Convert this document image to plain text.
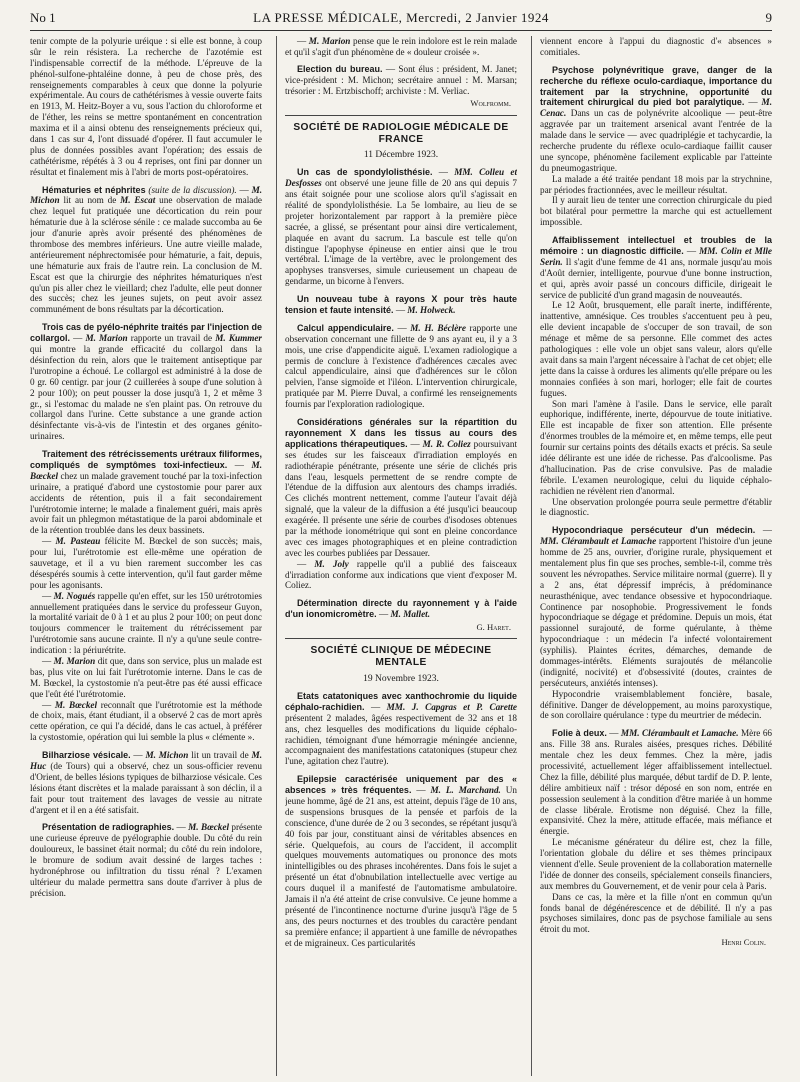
No 1	LA PRESSE MÉDICALE, Mercredi, 2 Janvier 1924	9

tenir compte de la polyurie uréique : si elle est bonne, à coup sûr le rein résistera. La recherche de l'azotémie est l'indispensable correctif de la méthode. L'épreuve de la phénol-sulfone-phtaléine donne, à peu de chose près, des renseignements comparables à ceux que donne la polyurie expérimentale. Au cours de cathétérismes à vessie ouverte faits en 1913, M. Heitz-Boyer a vu, sous l'action du chloroforme et de l'éther, les reins se mettre spontanément en concentration maxima et il a ainsi obtenu des renseignements précieux qui, dans 1 cas sur 4, l'ont dissuadé d'opérer. Il faut accumuler le plus de données possibles avant l'opération; des essais de cathétérisme, répétés à 3 ou 4 reprises, ont fini par donner un résultat et finalement mis à l'abri de morts post-opératoires.

Hématuries et néphrites (suite de la discussion). — M. Michon lit au nom de M. Escat une observation de malade chez lequel fut pratiquée une décortication du rein pour hématurie due à la sclérose sénile : ce malade succomba au 6e jour d'anurie après avoir présenté des phénomènes de thrombose des membres inférieurs. Une autre vieille malade, antérieurement néphrectomisée pour hématurie, a fait, depuis, une hématurie aux frais de l'autre rein. La conclusion de M. Escat est que la chirurgie des néphrites hématuriques n'est qu'un pis aller chez le vieillard; chez l'adulte, elle peut donner des succès; chez les jeunes sujets, on peut avoir assez communément de bons résultats par la décortication.

Trois cas de pyélo-néphrite traités par l'injection de collargol. — M. Marion rapporte un travail de M. Kummer qui montre la grande efficacité du collargol dans la désinfection du rein, alors que le traitement antiseptique par l'urotropine a échoué. Le collargol est administré à la dose de 0 gr. 60 centigr. par jour (2 cuillerées à soupe d'une solution à 2 pour 100); on peut pousser la dose jusqu'à 1, 2 et même 3 gr., si l'estomac du malade ne s'en plaint pas. On retrouve du collargol dans l'urine. Cette substance a une grande action désinfectante vis-à-vis de l'intestin et des organes génito-urinaires.

Traitement des rétrécissements urétraux filiformes, compliqués de symptômes toxi-infectieux. — M. Bœckel chez un malade gravement touché par la toxi-infection urinaire, a pratiqué d'abord une cystostomie pour parer aux accidents de rétention, puis il a fait secondairement l'urétrotomie interne; le malade a finalement guéri, mais après avoir fait un phlegmon métastatique de la paroi abdominale et de la rétention troublée dans les deux bassinets.

— M. Pasteau félicite M. Bœckel de son succès; mais, pour lui, l'urétrotomie est elle-même une opération de sauvetage, et il a vu bien rarement succomber les cas désespérés soumis à cette intervention, qu'il faut garder même pour les agonisants.

— M. Nogués rappelle qu'en effet, sur les 150 urétrotomies annuellement pratiquées dans le service du professeur Guyon, la mortalité variait de 0 à 1 et au plus 2 pour 100; on peut donc toujours commencer le traitement du rétrécissement par l'urétrotomie sans aucune crainte. Il n'y a qu'une seule contre-indication : la périurétrite.

— M. Marion dit que, dans son service, plus un malade est bas, plus vite on lui fait l'urétrotomie interne. Dans le cas de M. Bœckel, la cystostomie n'a peut-être pas été aussi efficace que l'eût été l'urétrotomie.

— M. Bœckel reconnaît que l'urétrotomie est la méthode de choix, mais, étant étudiant, il a observé 2 cas de mort après cette opération, ce qui l'a décidé, dans le cas actuel, à préférer la cystostomie, opération qui lui semble la plus « clémente ».

Bilharziose vésicale. — M. Michon lit un travail de M. Huc (de Tours) qui a observé, chez un sous-officier revenu d'Orient, de belles lésions typiques de bilharziose vésicale. Ces lésions étant discrètes et la malade paraissant à son déclin, il a fait pour tout traitement des lavages de vessie au nitrate d'argent et il en a été satisfait.

Présentation de radiographies. — M. Bœckel présente une curieuse épreuve de pyélographie double. Du côté du rein douloureux, le bassinet était normal; du côté du rein indolore, le bromure de sodium avait dessiné de larges taches : hydronéphrose ou infiltration du tissu rénal ? L'examen ultérieur du malade permettra sans doute d'arriver à plus de précision.

— M. Marion pense que le rein indolore est le rein malade et qu'il s'agit d'un phénomène de « douleur croisée ».

Election du bureau. — Sont élus : président, M. Janet; vice-président : M. Michon; secrétaire annuel : M. Marsan; trésorier : M. Ertzbischoff; archiviste : M. Verliac.

Wolfromm.
SOCIÉTÉ DE RADIOLOGIE MÉDICALE DE FRANCE
11 Décembre 1923.

Un cas de spondylolisthésie. — MM. Colleu et Desfosses ont observé une jeune fille de 20 ans qui depuis 7 ans était soignée pour une scoliose alors qu'il s'agissait en réalité de spondylolisthésie. La 5e lombaire, au lieu de se projeter horizontalement par rapport à la première pièce sacrée, a glissé, se présentant pour ainsi dire verticalement, plaquée en avant du sacrum. La bascule est telle qu'on distingue l'apophyse épineuse en entier ainsi que le trou vertébral. L'image de la vertèbre, avec le prolongement des apophyses transverses, simule curieusement un chapeau de gendarme, un bicorne à l'envers.

Un nouveau tube à rayons X pour très haute tension et faute intensité. — M. Holweck.

Calcul appendiculaire. — M. H. Béclère rapporte une observation concernant une fillette de 9 ans ayant eu, il y a 3 mois, une crise d'appendicite aiguë. L'examen radiologique a permis de conclure à l'existence d'adhérences cæcales avec calcul appendiculaire, ainsi que d'adhérences sur le côlon pelvien, l'anse sigmoïde et l'iléon. L'intervention chirurgicale, pratiquée par M. Pierre Duval, a confirmé les renseignements fournis par l'exploration radiologique.

Considérations générales sur la répartition du rayonnement X dans les tissus au cours des applications thérapeutiques. — M. R. Coliez poursuivant ses études sur les faisceaux d'irradiation employés en radiothérapie pénétrante, présente une série de clichés pris dans l'eau, lesquels permettent de se rendre compte de l'étendue de la diffusion aux alentours des champs irradiés. Ces clichés montrent nettement, comme l'auteur l'avait déjà signalé, que la valeur de la diffusion a été jusqu'ici beaucoup exagérée. Il présente une série de courbes d'isodoses obtenues par la méthode ionométrique qui sont en pleine concordance avec ces images photographiques et en pleine contradiction avec les courbes publiées par Dessauer.

— M. Joly rappelle qu'il a publié des faisceaux d'irradiation conforme aux indications que vient d'exposer M. Coliez.

Détermination directe du rayonnement γ à l'aide d'un ionomicromètre. — M. Mallet.

G. Haret.
SOCIÉTÉ CLINIQUE DE MÉDECINE MENTALE
19 Novembre 1923.

Etats catatoniques avec xanthochromie du liquide céphalo-rachidien. — MM. J. Capgras et P. Carette présentent 2 malades, âgées respectivement de 32 ans et 18 ans, chez lesquelles des modifications du liquide céphalo-rachidien, témoignant d'une hémorragie méningée ancienne, accompagnaient des manifestations catatoniques (stupeur chez l'une, agitation chez l'autre).

Epilepsie caractérisée uniquement par des « absences » très fréquentes. — M. L. Marchand. Un jeune homme, âgé de 21 ans, est atteint, depuis l'âge de 10 ans, de suspensions brusques de la pensée et parfois de la conscience, d'une durée de 2 ou 3 secondes, se répétant jusqu'à 40 fois par jour, constituant ainsi de véritables absences en série. Quelquefois, au cours de l'accident, il accomplit quelques mouvements automatiques ou prononce des mots inintelligibles ou des phrases incohérentes. Dans fois le sujet a présenté un état d'obnubilation intellectuelle avec vertige au cours duquel il a manifesté de l'automatisme ambulatoire. Jamais il n'a été atteint de crise convulsive. Ce jeune homme a présenté de l'incontinence nocturne d'urine jusqu'à l'âge de 5 ans, des peurs nocturnes et des troubles du caractère pendant sa première enfance; il appartient à une famille de névropathes et de migraineux. Ces particularités

viennent encore à l'appui du diagnostic d'« absences » comitiales.

Psychose polynévritique grave, danger de la recherche du réflexe oculo-cardiaque, importance du traitement par la strychnine, opportunité du traitement chirurgical du pied bot paralytique. — M. Cenac. Dans un cas de polynévrite alcoolique — peut-être aggravée par un traitement arsenical avant l'entrée de la malade dans le service — avec quadriplégie et tachycardie, la recherche prudente du réflexe oculo-cardiaque faillit causer une syncope, phénomène facilement explicable par l'atteinte du pneumogastrique.

La malade a été traitée pendant 18 mois par la strychnine, par périodes fractionnées, avec le meilleur résultat.

Il y aurait lieu de tenter une correction chirurgicale du pied bot bilatéral pour permettre la marche qui est actuellement impossible.

Affaiblissement intellectuel et troubles de la mémoire : un diagnostic difficile. — MM. Colin et Mlle Serin. Il s'agit d'une femme de 41 ans, normale jusqu'au mois d'Août dernier, intelligente, pourvue d'une bonne instruction, et qui, après avoir passé un concours difficile, dirigeait le service de publicité d'un grand magasin de nouveautés.

Le 12 Août, brusquement, elle paraît inerte, indifférente, inattentive, amnésique. Ces troubles s'accentuent peu à peu, elle devient incapable de s'occuper de son travail, de son ménage et même de sa personne. Elle commet des actes pathologiques : elle vole un objet sans valeur, alors qu'elle avait dans sa main l'argent nécessaire à l'achat de cet objet; elle jette dans la caisse à ordures les aliments qu'elle prépare ou les monnaies confiées à son mari, horloger; elle fait de courtes fugues.

Son mari l'amène à l'asile. Dans le service, elle paraît euphorique, indifférente, inerte, dépourvue de toute initiative. Elle est incapable de fixer son attention. Elle présente d'énormes troubles de la mémoire et, en même temps, elle peut fournir sur certains points des détails exacts et précis. Sa seule idée délirante est une idée de richesse. Pas d'alcoolisme. Pas d'hallucination. Pas de crise convulsive. Pas de maladie fébrile. L'examen neurologique, celui du liquide céphalo-rachidien ne révèlent rien d'anormal.

Une observation prolongée pourra seule permettre d'établir le diagnostic.

Hypocondriaque persécuteur d'un médecin. — MM. Clérambault et Lamache rapportent l'histoire d'un jeune homme de 25 ans, ouvrier, d'origine rurale, physiquement et mentalement plus fin que ses proches, semble-t-il, comme très souvent les névropathes. Service militaire normal (guerre). Il y a 2 ans, état dépressif imprécis, à prédominance neurasthénique, avec tendance obsessive et hypocondriaque. Continence par nosophobie. Progressivement le fonds hypocondriaque se dégage et prédomine. Depuis un mois, état passionnel surajouté, de forme quérulante, à thème hypocondriaque : un médecin l'a infecté volontairement (syphilis). Plaintes écrites, démarches, demande de dommages-intérêts. Eléments surajoutés de mélancolie (indignité, nocivité) et d'obsessivité (doutes, craintes de persécuteurs, anxiétés intenses).

Hypocondrie vraisemblablement foncière, basale, définitive. Danger de développement, au moins paroxystique, de son corollaire quérulance : type du meurtrier de médecin.

Folie à deux. — MM. Clérambault et Lamache. Mère 66 ans. Fille 38 ans. Rurales aisées, presques riches. Débilité mentale chez les deux femmes. Chez la mère, jadis processivité, actuellement léger affaiblissement intellectuel. Chez la fille, débilité plus marquée, début tardif de D. P. lente, délire ambitieux naïf : trésor déposé en son nom, entrée en possession seulement à la condition d'être mariée à un homme de classe libérale. Erotisme non déguisé. Chez la fille, expansivité. Chez la mère, attitude effacée, mais méfiance et énergie.

Le mécanisme générateur du délire est, chez la fille, l'orientation globale du délire et ses thèmes principaux viennent d'elle. Seule provenient de la collaboration maternelle l'idée de donner des conseils, spécialement conseils financiers, aux membres du Gouvernement, et de venir pour cela à Paris.

Dans ce cas, la mère et la fille n'ont en commun qu'un fonds banal de dégénérescence et de débilité. Il n'y a pas psychoses similaires, donc pas de psychose familiale au sens étroit du mot.

Henri Colin.
